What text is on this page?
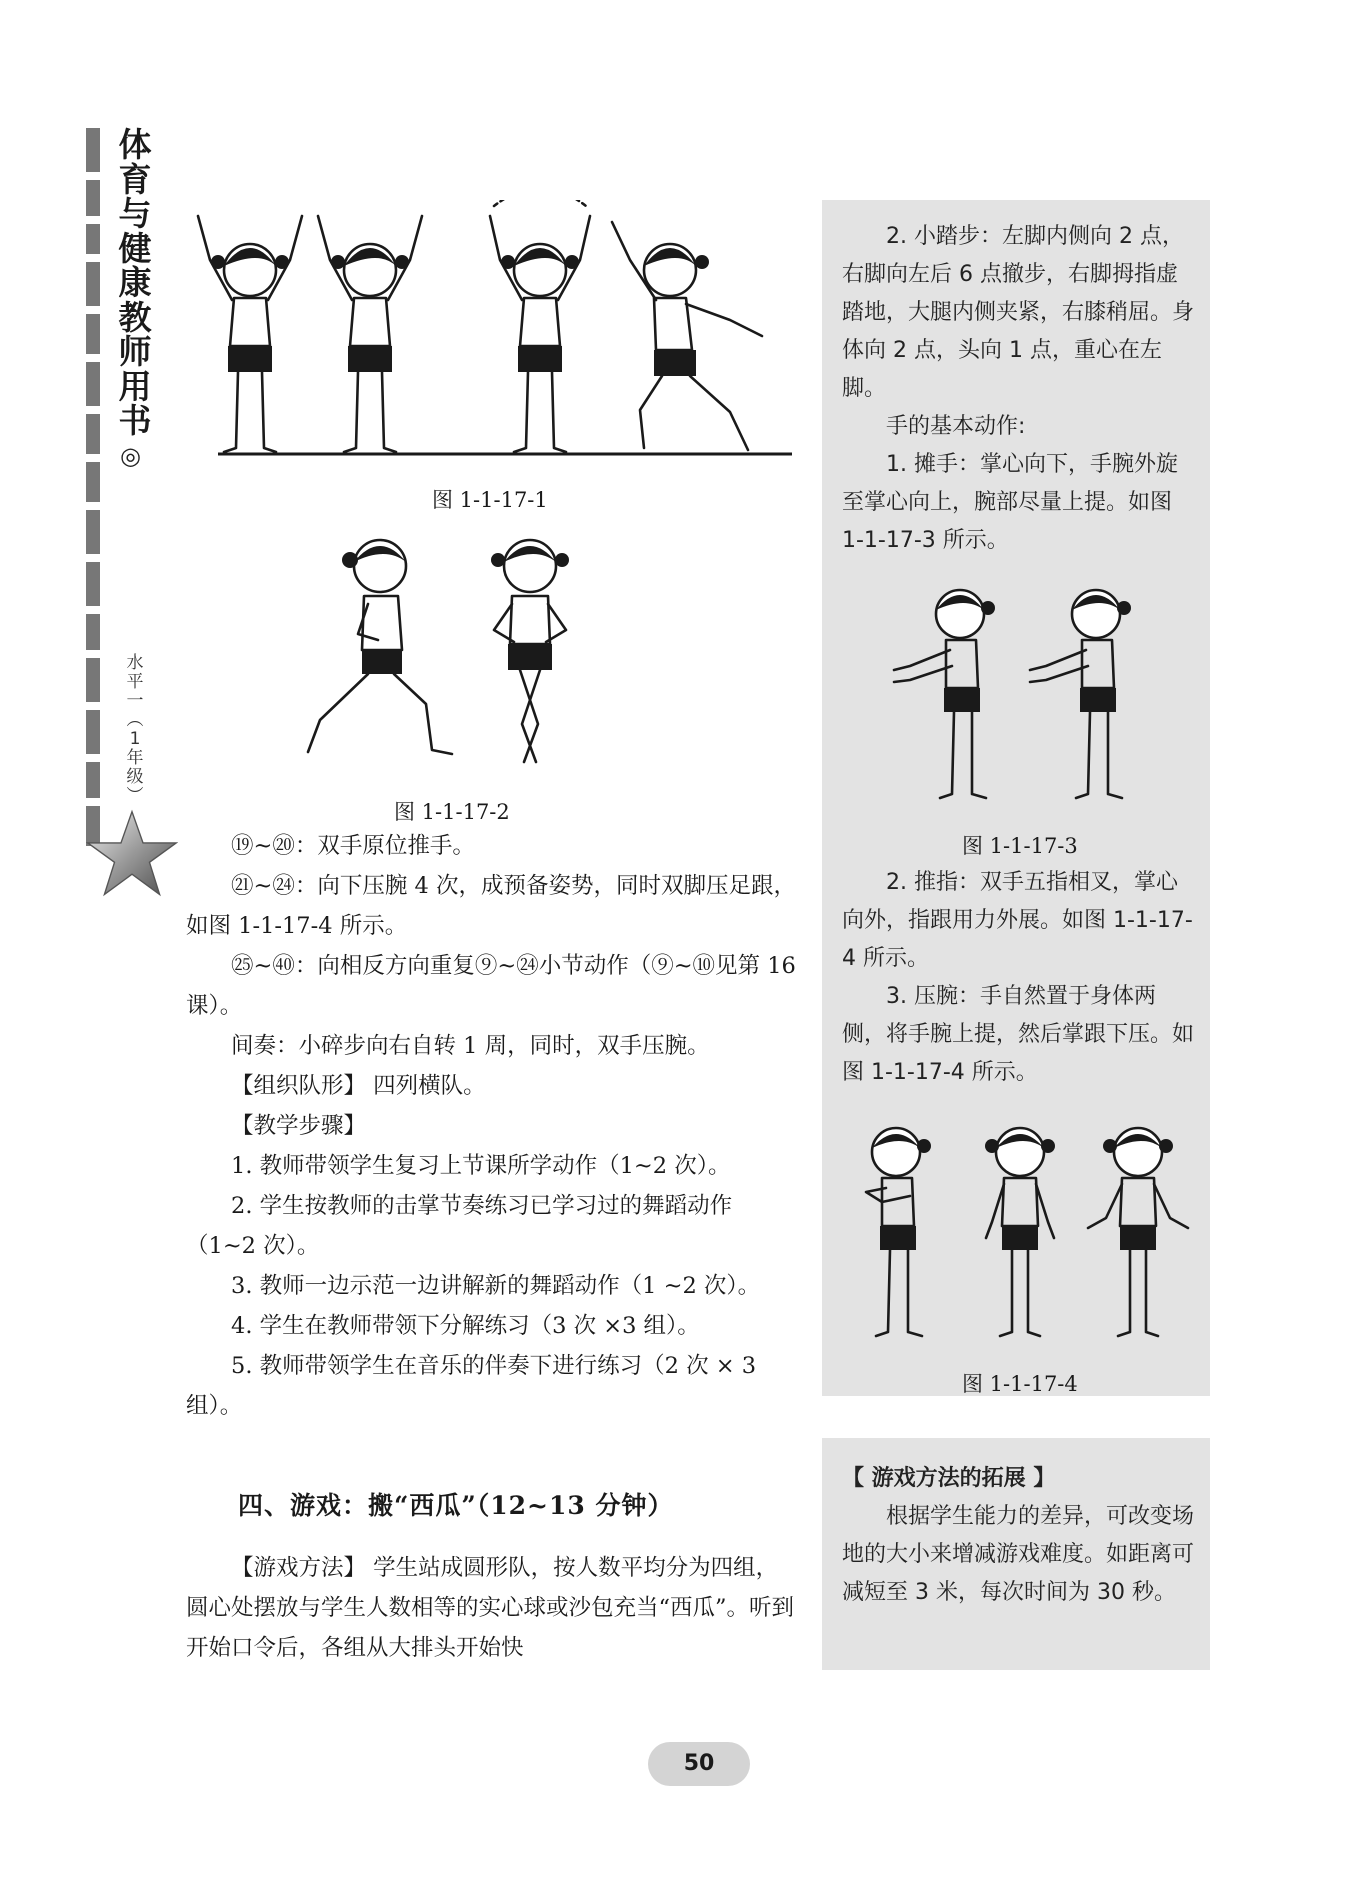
体
育
与
健
康
教
师
用
书
◎
水
平
一
︵
1
年
级
︶
图 1-1-17-1
图 1-1-17-2

⑲~⑳：双手原位推手。

㉑~㉔：向下压腕 4 次，成预备姿势，同时双脚压足跟，如图 1-1-17-4 所示。

㉕~㊵：向相反方向重复⑨~㉔小节动作（⑨~⑩见第 16 课）。

间奏：小碎步向右自转 1 周，同时，双手压腕。

【组织队形】 四列横队。

【教学步骤】

1. 教师带领学生复习上节课所学动作（1~2 次）。

2. 学生按教师的击掌节奏练习已学习过的舞蹈动作（1~2 次）。

3. 教师一边示范一边讲解新的舞蹈动作（1 ~2 次）。

4. 学生在教师带领下分解练习（3 次 ×3 组）。

5. 教师带领学生在音乐的伴奏下进行练习（2 次 × 3 组）。

四、游戏：搬“西瓜”（12~13 分钟）

【游戏方法】 学生站成圆形队，按人数平均分为四组，圆心处摆放与学生人数相等的实心球或沙包充当“西瓜”。听到开始口令后，各组从大排头开始快

2. 小踏步：左脚内侧向 2 点，右脚向左后 6 点撤步，右脚拇指虚踏地，大腿内侧夹紧，右膝稍屈。身体向 2 点，头向 1 点，重心在左脚。

手的基本动作:

1. 摊手：掌心向下，手腕外旋至掌心向上，腕部尽量上提。如图 1-1-17-3 所示。

图 1-1-17-3

2. 推指：双手五指相叉，掌心向外，指跟用力外展。如图 1-1-17-4 所示。

3. 压腕：手自然置于身体两侧，将手腕上提，然后掌跟下压。如图 1-1-17-4 所示。

图 1-1-17-4

【 游戏方法的拓展 】

根据学生能力的差异，可改变场地的大小来增减游戏难度。如距离可减短至 3 米，每次时间为 30 秒。

50
